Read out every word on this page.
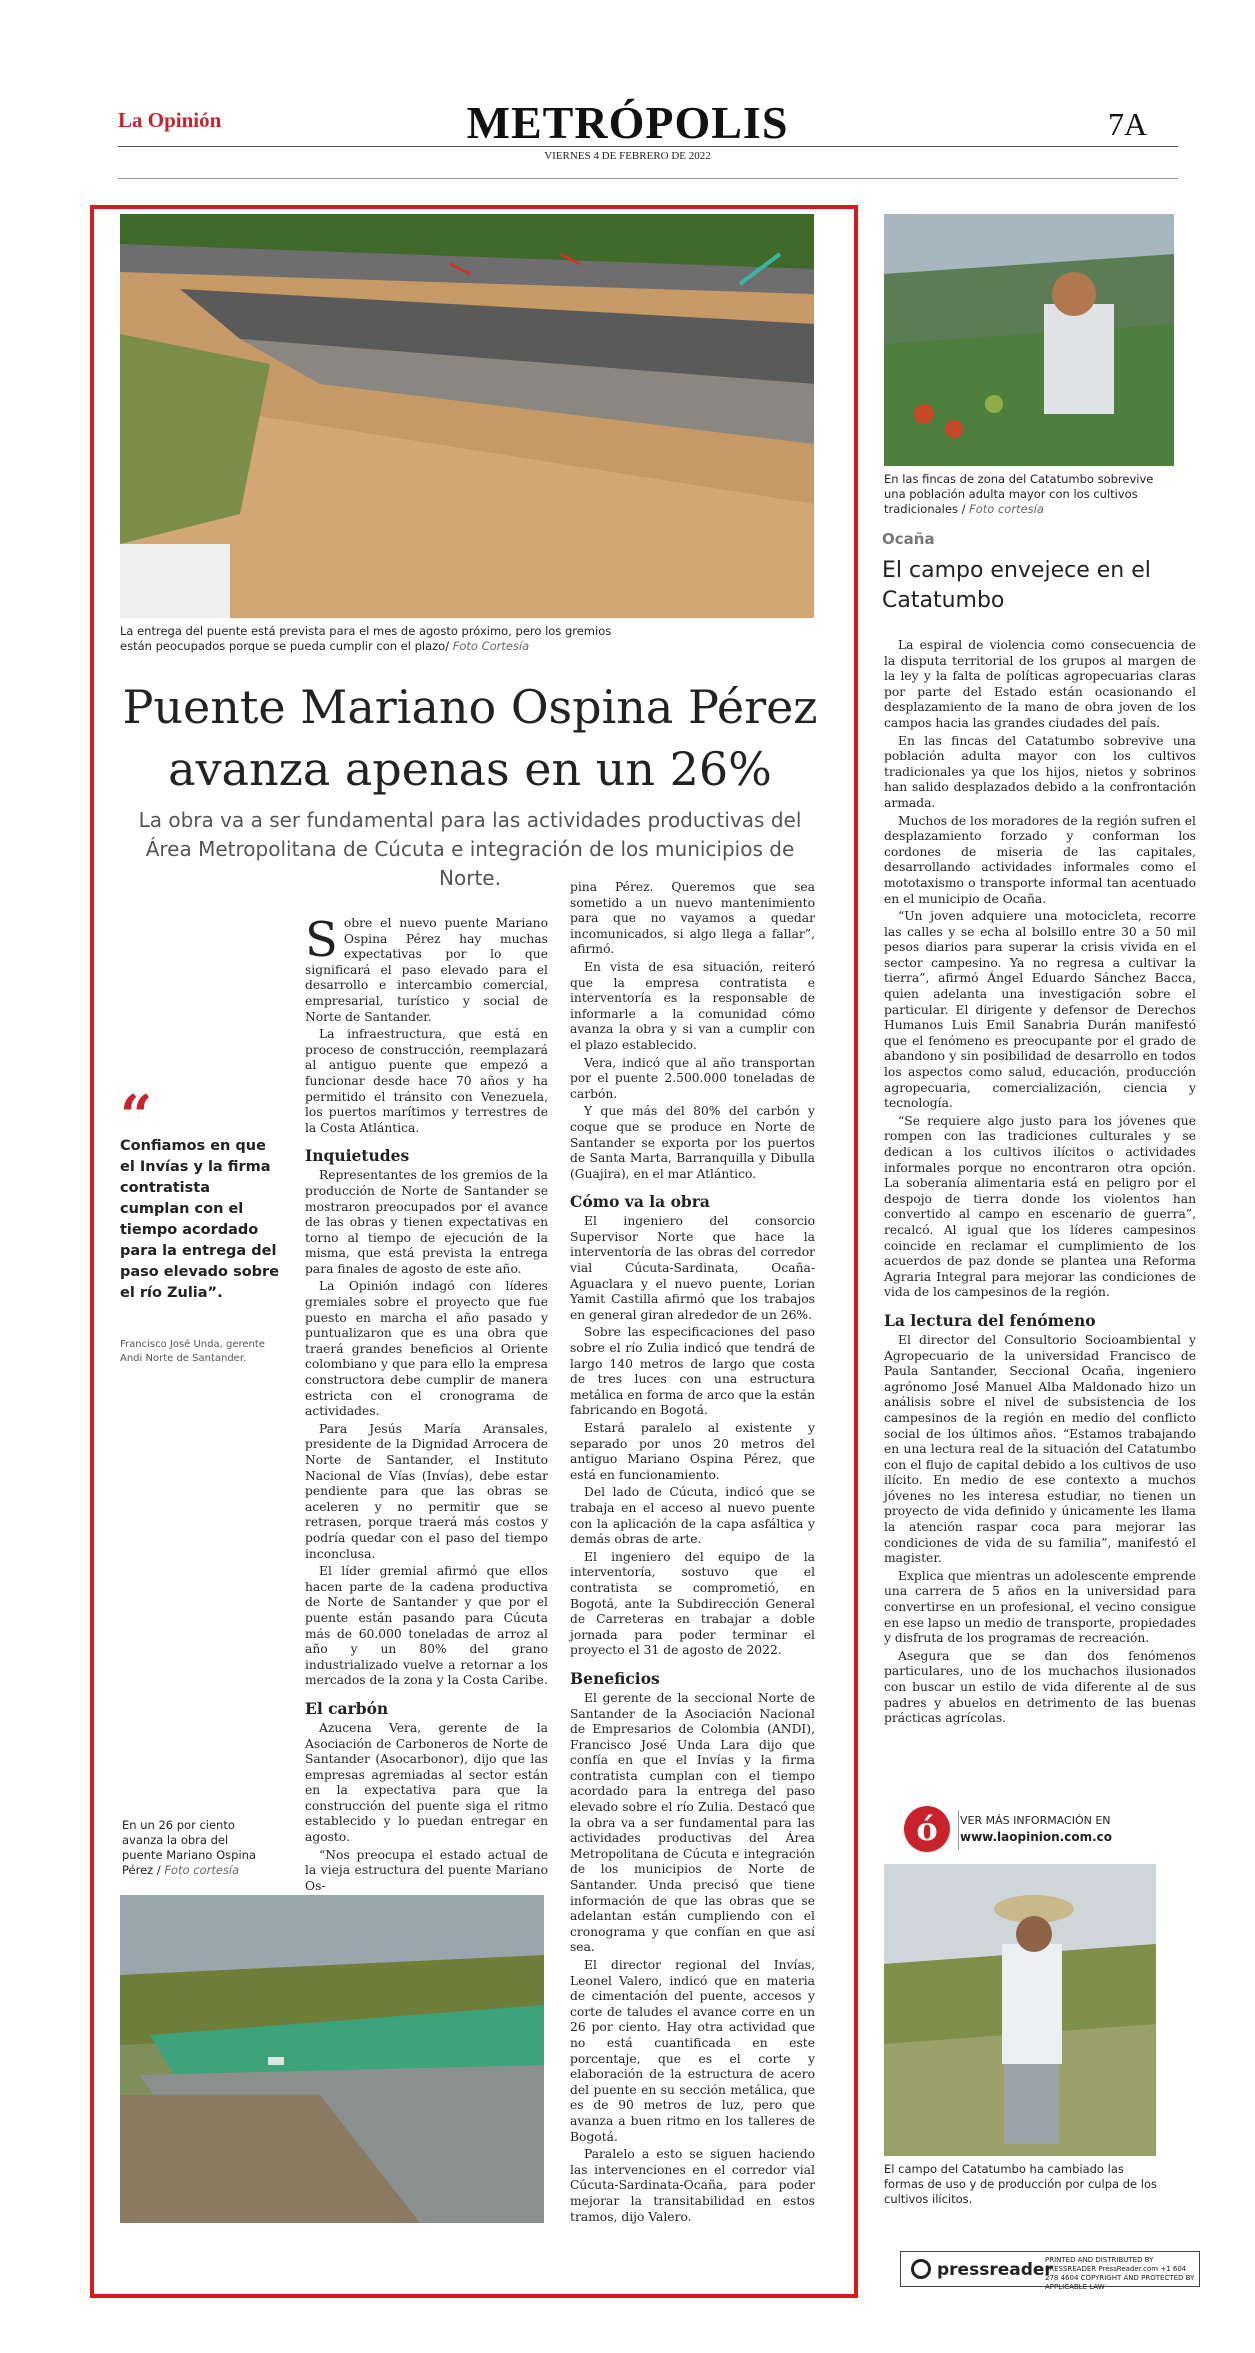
La Opinión	METRÓPOLIS	7A
VIERNES 4 DE FEBRERO DE 2022
La entrega del puente está prevista para el mes de agosto próximo, pero los gremios están peocupados porque se pueda cumplir con el plazo/ Foto Cortesía
Puente Mariano Ospina Pérez avanza apenas en un 26%
La obra va a ser fundamental para las actividades productivas del Área Metropolitana de Cúcuta e integración de los municipios de Norte.
“
Confiamos en que el Invías y la firma contratista cumplan con el tiempo acordado para la entrega del paso elevado sobre el río Zulia”.
Francisco José Unda, gerente Andi Norte de Santander.

Sobre el nuevo puente Mariano Ospina Pérez hay muchas expectativas por lo que significará el paso elevado para el desarrollo e intercambio comercial, empresarial, turístico y social de Norte de Santander.

La infraestructura, que está en proceso de construcción, reemplazará al antiguo puente que empezó a funcionar desde hace 70 años y ha permitido el tránsito con Venezuela, los puertos marítimos y terrestres de la Costa Atlántica.

Inquietudes

Representantes de los gremios de la producción de Norte de Santander se mostraron preocupados por el avance de las obras y tienen expectativas en torno al tiempo de ejecución de la misma, que está prevista la entrega para finales de agosto de este año.

La Opinión indagó con líderes gremiales sobre el proyecto que fue puesto en marcha el año pasado y puntualizaron que es una obra que traerá grandes beneficios al Oriente colombiano y que para ello la empresa constructora debe cumplir de manera estricta con el cronograma de actividades.

Para Jesús María Aransales, presidente de la Dignidad Arrocera de Norte de Santander, el Instituto Nacional de Vías (Invías), debe estar pendiente para que las obras se aceleren y no permitir que se retrasen, porque traerá más costos y podría quedar con el paso del tiempo inconclusa.

El líder gremial afirmó que ellos hacen parte de la cadena productiva de Norte de Santander y que por el puente están pasando para Cúcuta más de 60.000 toneladas de arroz al año y un 80% del grano industrializado vuelve a retornar a los mercados de la zona y la Costa Caribe.

El carbón

Azucena Vera, gerente de la Asociación de Carboneros de Norte de Santander (Asocarbonor), dijo que las empresas agremiadas al sector están en la expectativa para que la construcción del puente siga el ritmo establecido y lo puedan entregar en agosto.

“Nos preocupa el estado actual de la vieja estructura del puente Mariano Os-

pina Pérez. Queremos que sea sometido a un nuevo mantenimiento para que no vayamos a quedar incomunicados, si algo llega a fallar”, afirmó.

En vista de esa situación, reiteró que la empresa contratista e interventoría es la responsable de informarle a la comunidad cómo avanza la obra y si van a cumplir con el plazo establecido.

Vera, indicó que al año transportan por el puente 2.500.000 toneladas de carbón.

Y que más del 80% del carbón y coque que se produce en Norte de Santander se exporta por los puertos de Santa Marta, Barranquilla y Dibulla (Guajira), en el mar Atlántico.

Cómo va la obra

El ingeniero del consorcio Supervisor Norte que hace la interventoría de las obras del corredor vial Cúcuta-Sardinata, Ocaña-Aguaclara y el nuevo puente, Lorian Yamit Castilla afirmó que los trabajos en general giran alrededor de un 26%.

Sobre las especificaciones del paso sobre el río Zulia indicó que tendrá de largo 140 metros de largo que costa de tres luces con una estructura metálica en forma de arco que la están fabricando en Bogotá.

Estará paralelo al existente y separado por unos 20 metros del antiguo Mariano Ospina Pérez, que está en funcionamiento.

Del lado de Cúcuta, indicó que se trabaja en el acceso al nuevo puente con la aplicación de la capa asfáltica y demás obras de arte.

El ingeniero del equipo de la interventoría, sostuvo que el contratista se comprometió, en Bogotá, ante la Subdirección General de Carreteras en trabajar a doble jornada para poder terminar el proyecto el 31 de agosto de 2022.

Beneficios

El gerente de la seccional Norte de Santander de la Asociación Nacional de Empresarios de Colombia (ANDI), Francisco José Unda Lara dijo que confía en que el Invías y la firma contratista cumplan con el tiempo acordado para la entrega del paso elevado sobre el río Zulia. Destacó que la obra va a ser fundamental para las actividades productivas del Área Metropolitana de Cúcuta e integración de los municipios de Norte de Santander. Unda precisó que tiene información de que las obras que se adelantan están cumpliendo con el cronograma y que confían en que así sea.

El director regional del Invías, Leonel Valero, indicó que en materia de cimentación del puente, accesos y corte de taludes el avance corre en un 26 por ciento. Hay otra actividad que no está cuantificada en este porcentaje, que es el corte y elaboración de la estructura de acero del puente en su sección metálica, que es de 90 metros de luz, pero que avanza a buen ritmo en los talleres de Bogotá.

Paralelo a esto se siguen haciendo las intervenciones en el corredor vial Cúcuta-Sardinata-Ocaña, para poder mejorar la transitabilidad en estos tramos, dijo Valero.

En un 26 por ciento avanza la obra del puente Mariano Ospina Pérez / Foto cortesía
En las fincas de zona del Catatumbo sobrevive una población adulta mayor con los cultivos tradicionales / Foto cortesía
Ocaña
El campo envejece en el Catatumbo

La espiral de violencia como consecuencia de la disputa territorial de los grupos al margen de la ley y la falta de políticas agropecuarias claras por parte del Estado están ocasionando el desplazamiento de la mano de obra joven de los campos hacia las grandes ciudades del país.

En las fincas del Catatumbo sobrevive una población adulta mayor con los cultivos tradicionales ya que los hijos, nietos y sobrinos han salido desplazados debido a la confrontación armada.

Muchos de los moradores de la región sufren el desplazamiento forzado y conforman los cordones de miseria de las capitales, desarrollando actividades informales como el mototaxismo o transporte informal tan acentuado en el municipio de Ocaña.

“Un joven adquiere una motocicleta, recorre las calles y se echa al bolsillo entre 30 a 50 mil pesos diarios para superar la crisis vivida en el sector campesino. Ya no regresa a cultivar la tierra”, afirmó Ángel Eduardo Sánchez Bacca, quien adelanta una investigación sobre el particular. El dirigente y defensor de Derechos Humanos Luis Emil Sanabria Durán manifestó que el fenómeno es preocupante por el grado de abandono y sin posibilidad de desarrollo en todos los aspectos como salud, educación, producción agropecuaria, comercialización, ciencia y tecnología.

“Se requiere algo justo para los jóvenes que rompen con las tradiciones culturales y se dedican a los cultivos ilícitos o actividades informales porque no encontraron otra opción. La soberanía alimentaria está en peligro por el despojo de tierra donde los violentos han convertido al campo en escenario de guerra”, recalcó. Al igual que los líderes campesinos coincide en reclamar el cumplimiento de los acuerdos de paz donde se plantea una Reforma Agraria Integral para mejorar las condiciones de vida de los campesinos de la región.

La lectura del fenómeno

El director del Consultorio Socioambiental y Agropecuario de la universidad Francisco de Paula Santander, Seccional Ocaña, ingeniero agrónomo José Manuel Alba Maldonado hizo un análisis sobre el nivel de subsistencia de los campesinos de la región en medio del conflicto social de los últimos años. “Estamos trabajando en una lectura real de la situación del Catatumbo con el flujo de capital debido a los cultivos de uso ilícito. En medio de ese contexto a muchos jóvenes no les interesa estudiar, no tienen un proyecto de vida definido y únicamente les llama la atención raspar coca para mejorar las condiciones de vida de su familia”, manifestó el magister.

Explica que mientras un adolescente emprende una carrera de 5 años en la universidad para convertirse en un profesional, el vecino consigue en ese lapso un medio de transporte, propiedades y disfruta de los programas de recreación.

Asegura que se dan dos fenómenos particulares, uno de los muchachos ilusionados con buscar un estilo de vida diferente al de sus padres y abuelos en detrimento de las buenas prácticas agrícolas.

ó	VER MÁS INFORMACIÓN EN
www.laopinion.com.co
El campo del Catatumbo ha cambiado las formas de uso y de producción por culpa de los cultivos ilícitos.
pressreader
PRINTED AND DISTRIBUTED BY PRESSREADER PressReader.com +1 604 278 4604 COPYRIGHT AND PROTECTED BY APPLICABLE LAW
